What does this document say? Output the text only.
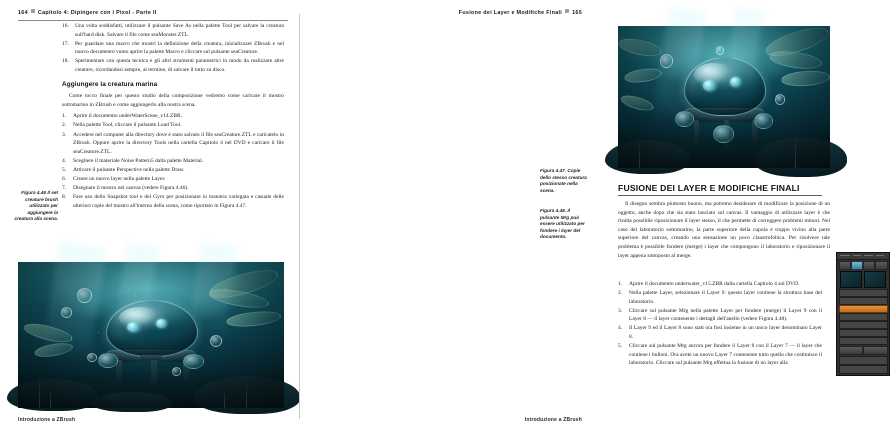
164 Capitolo 4: Dipingere con i Pixol - Parte II
16.	Una volta soddisfatti, utilizzare il pulsante Save As nella palette Tool per salvare la creatura sull'hard disk. Salvare il file come seaMonster.ZTL.
17.	Per guardare una macro che mostri la definizione della creatura, inizializzare ZBrush e nel nuovo documento vuoto aprire la palette Macro e cliccare sul pulsante seaCreature.
18.	Sperimentare con questa tecnica e gli altri strumenti parametrici in modo da realizzare altre creature, ricordandosi sempre, al termine, di salvare il tutto su disco.
Aggiungere la creatura marina

Come tocco finale per questo studio della composizione vedremo come caricare il mostro sottomarino in ZBrush e come aggiungerlo alla nostra scena.

1.	Aprire il documento underWaterScene_v14.ZBR.
2.	Nella palette Tool, cliccare il pulsante Load Tool.
3.	Accedere nel computer alla directory dove è stato salvato il file seaCreature.ZTL e caricatelo in ZBrush. Oppure aprire la directory Tools nella cartella Capitolo 4 nel DVD e caricare il file seaCreature.ZTL.
4.	Scegliere il materiale Noise Pattern5 dalla palette Material.
5.	Attivare il pulsante Perspective nella palette Draw.
6.	Creare un nuovo layer nella palette Layer.
7.	Disegnare il mostro nel canvas (vedere Figura 4.46).
8.	Fare uso dello Snapshot tool e del Gyro per posizionare in maniera variegata e casuale delle ulteriori copie del mostro all'interno della scena, come riportato in Figura 4.47.
Figura 4.46 Il set creature brush utilizzato per aggiungere la creatura alla scena.
Introduzione a ZBrush
Fusione dei Layer e Modifiche Finali 165
Figura 4.47. Copie dello stesso creatura posizionate nella scena.	FUSIONE DEI LAYER E MODIFICHE FINALI

Il disegno sembra piuttosto buono, ma potremo desiderare di modificare la posizione di un oggetto, anche dopo che sia stato lanciato sul canvas. Il vantaggio di utilizzare layer è che risulta possibile riposizionare il layer stesso, il che permette di correggere problemi minori. Nel caso del laboratorio sottomarino, la parte superiore della cupola è troppo vicino alla parte superiore del canvas, creando una sensazione un poco claustrofobica. Per risolvere tale problema è possibile fondere (merge) i layer che compongono il laboratorio e riposizionare il layer appena sottoposto al merge.

Figura 4.48. Il pulsante Mrg può essere utilizzato per fondere i layer del documento.
1.	Aprire il documento underwater_v15.ZBR dalla cartella Capitolo 4 sul DVD.
2.	Nella palette Layer, selezionare il Layer 9: questo layer contiene la struttura base del laboratorio.
3.	Cliccare sul pulsante Mrg nella palette Layer per fondere (merge) il Layer 9 con il Layer 8 — il layer contenente i dettagli dell'anello (vedere Figura 4.48).
4.	Il Layer 9 ed il Layer 8 sono stati ora fusi insieme in un unico layer denominato Layer 8.
5.	Cliccare sul pulsante Mrg ancora per fondere il Layer 8 con il Layer 7 — il layer che contiene i bulloni. Ora avete un nuovo Layer 7 contenente tutto quello che costituisce il laboratorio. Cliccare sul pulsante Mrg effettua la fusione di un layer alla
Introduzione a ZBrush
